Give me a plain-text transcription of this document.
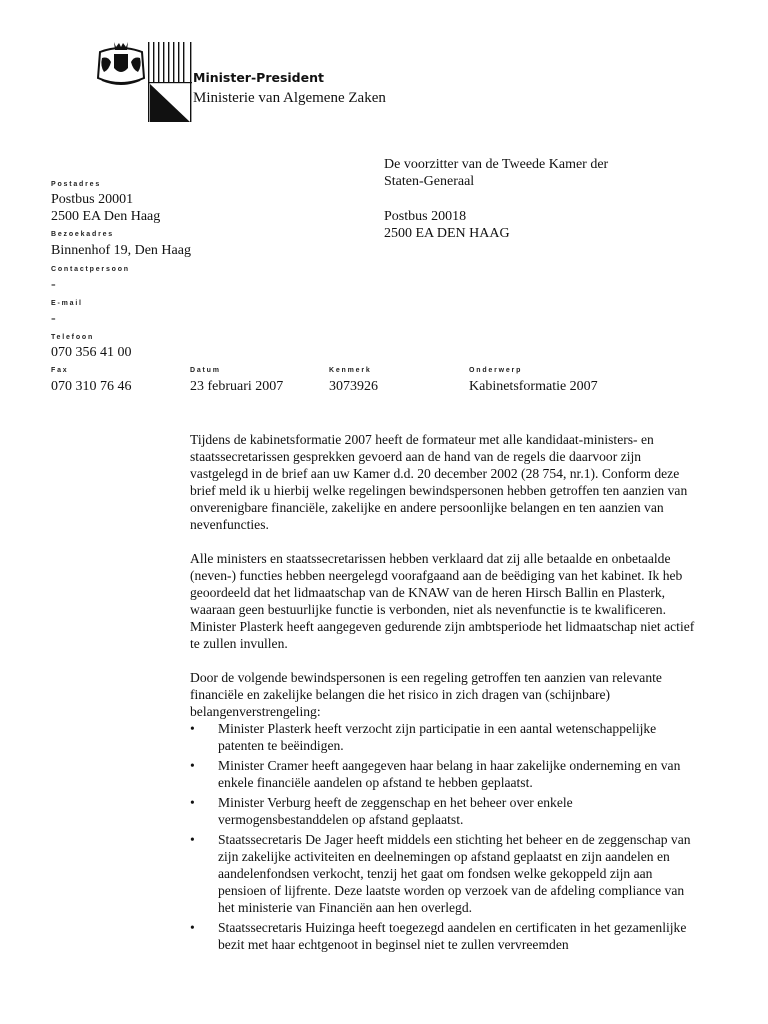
Minister-President
Ministerie van Algemene Zaken
De voorzitter van de Tweede Kamer der
Staten-Generaal
Postbus 20018
2500 EA DEN HAAG
Postadres
Postbus 20001
2500 EA Den Haag
Bezoekadres
Binnenhof 19, Den Haag
Contactpersoon
-
E-mail
-
Telefoon
070 356 41 00
Fax
070 310 76 46
Datum
23 februari 2007
Kenmerk
3073926
Onderwerp
Kabinetsformatie 2007

Tijdens de kabinetsformatie 2007 heeft de formateur met alle kandidaat-ministers- en staatssecretarissen gesprekken gevoerd aan de hand van de regels die daarvoor zijn vastgelegd in de brief aan uw Kamer d.d. 20 december 2002 (28 754, nr.1). Conform deze brief meld ik u hierbij welke regelingen bewindspersonen hebben getroffen ten aanzien van onverenigbare financiële, zakelijke en andere persoonlijke belangen en ten aanzien van nevenfuncties.

Alle ministers en staatssecretarissen hebben verklaard dat zij alle betaalde en onbetaalde (neven-) functies hebben neergelegd voorafgaand aan de beëdiging van het kabinet. Ik heb geoordeeld dat het lidmaatschap van de KNAW van de heren Hirsch Ballin en Plasterk, waaraan geen bestuurlijke functie is verbonden, niet als nevenfunctie is te kwalificeren. Minister Plasterk heeft aangegeven gedurende zijn ambtsperiode het lidmaatschap niet actief te zullen invullen.

Door de volgende bewindspersonen is een regeling getroffen ten aanzien van relevante financiële en zakelijke belangen die het risico in zich dragen van (schijnbare) belangenverstrengeling:

• Minister Plasterk heeft verzocht zijn participatie in een aantal wetenschappelijke patenten te beëindigen.
• Minister Cramer heeft aangegeven haar belang in haar zakelijke onderneming en van enkele financiële aandelen op afstand te hebben geplaatst.
• Minister Verburg heeft de zeggenschap en het beheer over enkele vermogensbestanddelen op afstand geplaatst.
• Staatssecretaris De Jager heeft middels een stichting het beheer en de zeggenschap van zijn zakelijke activiteiten en deelnemingen op afstand geplaatst en zijn aandelen en aandelenfondsen verkocht, tenzij het gaat om fondsen welke gekoppeld zijn aan pensioen of lijfrente. Deze laatste worden op verzoek van de afdeling compliance van het ministerie van Financiën aan hen overlegd.
• Staatssecretaris Huizinga heeft toegezegd aandelen en certificaten in het gezamenlijke bezit met haar echtgenoot in beginsel niet te zullen vervreemden
